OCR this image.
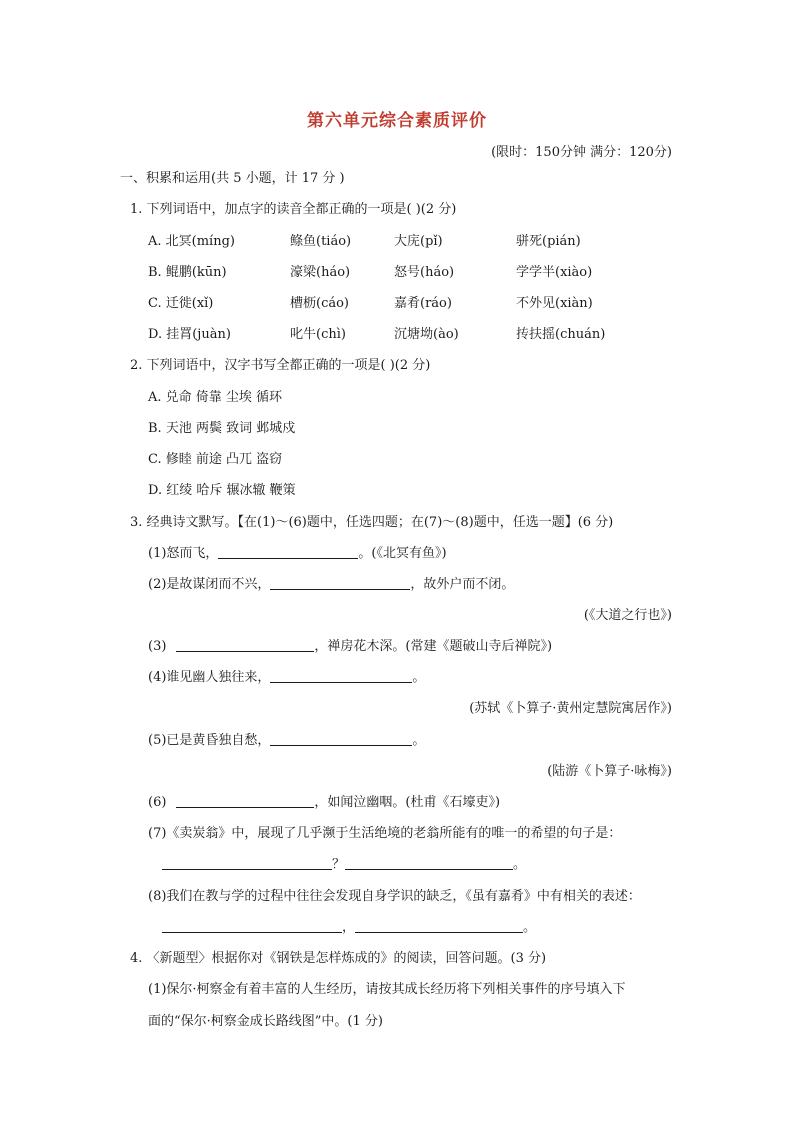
第六单元综合素质评价
(限时：150分钟 满分：120分)
一、积累和运用(共 5 小题，计 17 分 )
1. 下列词语中，加点字的读音全都正确的一项是( )(2 分)
A. 北冥(míng)	鲦鱼(tiáo)	大庑(pǐ)	骈死(pián)
B. 鲲鹏(kūn)	濠梁(háo)	怒号(háo)	学学半(xiào)
C. 迁徙(xǐ)	槽枥(cáo)	嘉肴(ráo)	不外见(xiàn)
D. 挂罥(juàn)	叱牛(chì)	沉塘坳(ào)	抟扶摇(chuán)
2. 下列词语中，汉字书写全都正确的一项是( )(2 分)
A. 兑命 倚靠 尘埃 循环
B. 天池 两鬓 致词 邺城戍
C. 修睦 前途 凸兀 盗窃
D. 红绫 哈斥 辗冰辙 鞭策
3. 经典诗文默写。【在(1)～(6)题中，任选四题；在(7)～(8)题中，任选一题】(6 分)
(1)怒而飞，	。(《北冥有鱼》)
(2)是故谋闭而不兴，	，故外户而不闭。
(《大道之行也》)
(3)	，禅房花木深。(常建《题破山寺后禅院》)
(4)谁见幽人独往来，	。
(苏轼《卜算子·黄州定慧院寓居作》)
(5)已是黄昏独自愁，	。
(陆游《卜算子·咏梅》)
(6)	，如闻泣幽咽。(杜甫《石壕吏》)
(7)《卖炭翁》中，展现了几乎濒于生活绝境的老翁所能有的唯一的希望的句子是：
？	。
(8)我们在教与学的过程中往往会发现自身学识的缺乏，《虽有嘉肴》中有相关的表述：
，	。
4. 〈新题型〉根据你对《钢铁是怎样炼成的》的阅读，回答问题。(3 分)
(1)保尔·柯察金有着丰富的人生经历，请按其成长经历将下列相关事件的序号填入下
面的“保尔·柯察金成长路线图”中。(1 分)
